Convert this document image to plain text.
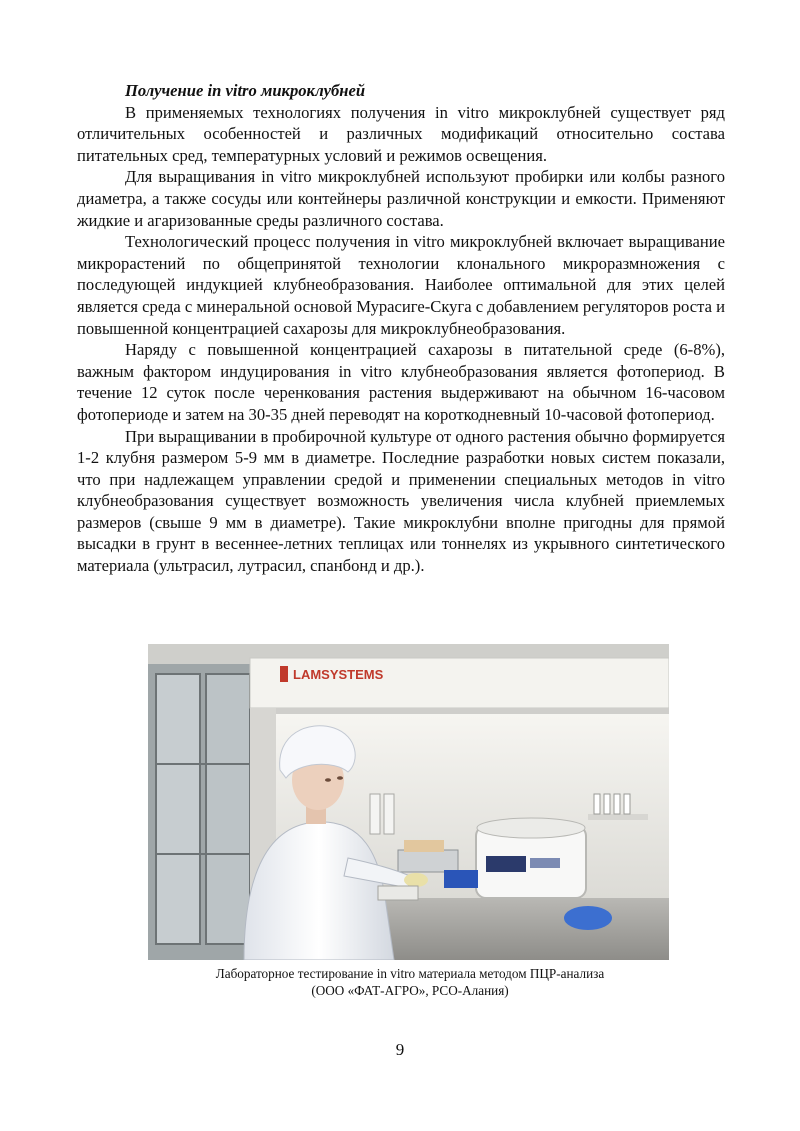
Получение in vitro микроклубней

В применяемых технологиях получения in vitro микроклубней существует ряд отличительных особенностей и различных модификаций относительно состава питательных сред, температурных условий и режимов освещения.

Для выращивания in vitro микроклубней используют пробирки или колбы разного диаметра, а также сосуды или контейнеры различной конструкции и емкости. Применяют жидкие и агаризованные среды различного состава.

Технологический процесс получения in vitro микроклубней включает выращивание микрорастений по общепринятой технологии клонального микроразмножения с последующей индукцией клубнеобразования. Наиболее оптимальной для этих целей является среда с минеральной основой Мурасиге-Скуга с добавлением регуляторов роста и повышенной концентрацией сахарозы для микроклубнеобразования.

Наряду с повышенной концентрацией сахарозы в питательной среде (6-8%), важным фактором индуцирования in vitro клубнеобразования является фотопериод. В течение 12 суток после черенкования растения выдерживают на обычном 16-часовом фотопериоде и затем на 30-35 дней переводят на короткодневный 10-часовой фотопериод.

При выращивании в пробирочной культуре от одного растения обычно формируется 1-2 клубня размером 5-9 мм в диаметре. Последние разработки новых систем показали, что при надлежащем управлении средой и применении специальных методов in vitro клубнеобразования существует возможность увеличения числа клубней приемлемых размеров (свыше 9 мм в диаметре). Такие микроклубни вполне пригодны для прямой высадки в грунт в весеннее-летних теплицах или тоннелях из укрывного синтетического материала (ультрасил, лутрасил, спанбонд и др.).

LAMSYSTEMS
Лабораторное тестирование in vitro материала методом ПЦР-анализа
(ООО «ФАТ-АГРО», РСО-Алания)
9
